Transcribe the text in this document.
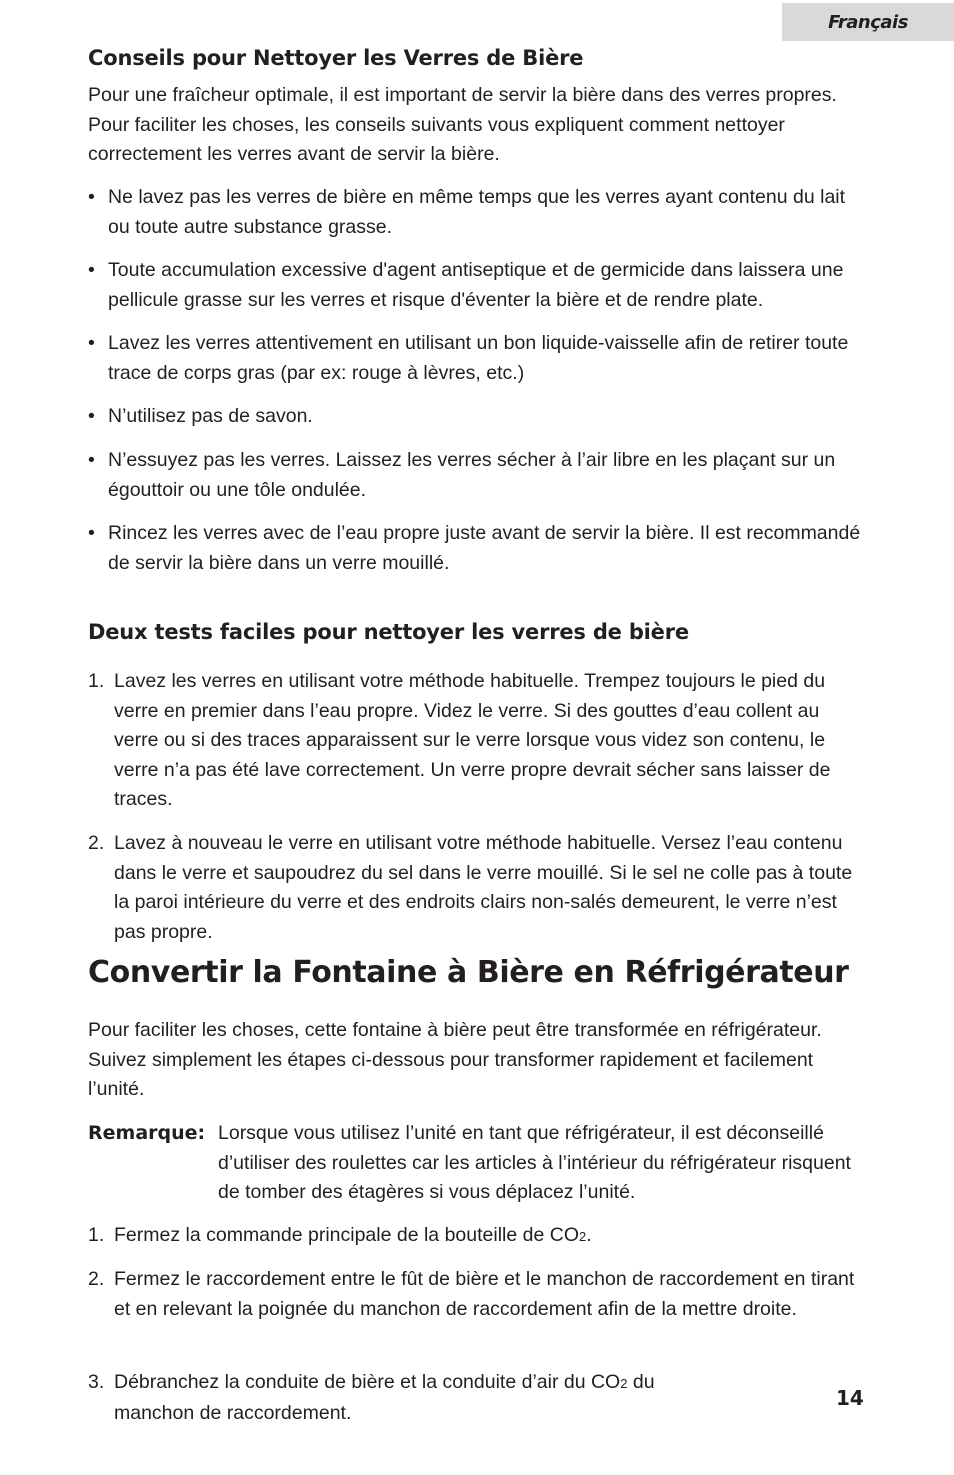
Français
Conseils pour Nettoyer les Verres de Bière

Pour une fraîcheur optimale, il est important de servir la bière dans des verres propres. Pour faciliter les choses, les conseils suivants vous expliquent comment nettoyer correctement les verres avant de servir la bière.

• Ne lavez pas les verres de bière en même temps que les verres ayant contenu du lait ou toute autre substance grasse.
• Toute accumulation excessive d'agent antiseptique et de germicide dans laissera une pellicule grasse sur les verres et risque d'éventer la bière et de rendre plate.
• Lavez les verres attentivement en utilisant un bon liquide-vaisselle afin de retirer toute trace de corps gras (par ex: rouge à lèvres, etc.)
• N’utilisez pas de savon.
• N’essuyez pas les verres. Laissez les verres sécher à l’air libre en les plaçant sur un égouttoir ou une tôle ondulée.
• Rincez les verres avec de l’eau propre juste avant de servir la bière. Il est recommandé de servir la bière dans un verre mouillé.
Deux tests faciles pour nettoyer les verres de bière
1. Lavez les verres en utilisant votre méthode habituelle. Trempez toujours le pied du verre en premier dans l’eau propre. Videz le verre. Si des gouttes d’eau collent au verre ou si des traces apparaissent sur le verre lorsque vous videz son contenu, le verre n’a pas été lave correctement. Un verre propre devrait sécher sans laisser de traces.
2. Lavez à nouveau le verre en utilisant votre méthode habituelle. Versez l’eau contenu dans le verre et saupoudrez du sel dans le verre mouillé. Si le sel ne colle pas à toute la paroi intérieure du verre et des endroits clairs non-salés demeurent, le verre n’est pas propre.
Convertir la Fontaine à Bière en Réfrigérateur

Pour faciliter les choses, cette fontaine à bière peut être transformée en réfrigérateur. Suivez simplement les étapes ci-dessous pour transformer rapidement et facilement l’unité.

Remarque: Lorsque vous utilisez l’unité en tant que réfrigérateur, il est déconseillé d’utiliser des roulettes car les articles à l’intérieur du réfrigérateur risquent de tomber des étagères si vous déplacez l’unité.
1. Fermez la commande principale de la bouteille de CO2.
2. Fermez le raccordement entre le fût de bière et le manchon de raccordement en tirant et en relevant la poignée du manchon de raccordement afin de la mettre droite.
3. Débranchez la conduite de bière et la conduite d’air du CO2 du
manchon de raccordement.
14
